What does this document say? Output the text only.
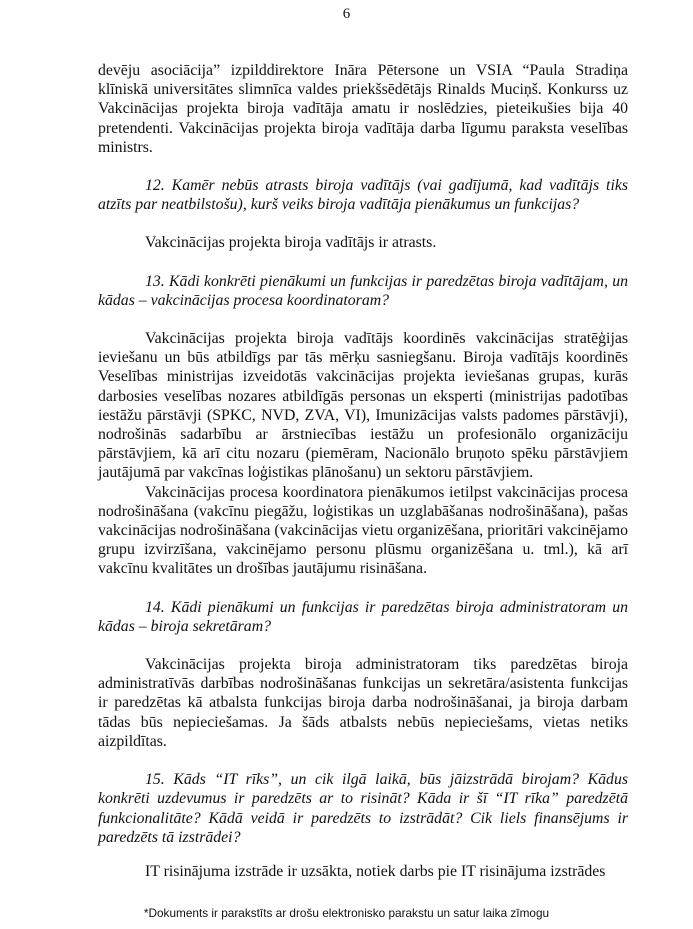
6

devēju asociācija” izpilddirektore Ināra Pētersone un VSIA “Paula Stradiņa klīniskā universitātes slimnīca valdes priekšsēdētājs Rinalds Muciņš. Konkurss uz Vakcinācijas projekta biroja vadītāja amatu ir noslēdzies, pieteikušies bija 40 pretendenti. Vakcinācijas projekta biroja vadītāja darba līgumu paraksta veselības ministrs.

12. Kamēr nebūs atrasts biroja vadītājs (vai gadījumā, kad vadītājs tiks atzīts par neatbilstošu), kurš veiks biroja vadītāja pienākumus un funkcijas?

Vakcinācijas projekta biroja vadītājs ir atrasts.

13. Kādi konkrēti pienākumi un funkcijas ir paredzētas biroja vadītājam, un kādas – vakcinācijas procesa koordinatoram?

Vakcinācijas projekta biroja vadītājs koordinēs vakcinācijas stratēģijas ieviešanu un būs atbildīgs par tās mērķu sasniegšanu. Biroja vadītājs koordinēs Veselības ministrijas izveidotās vakcinācijas projekta ieviešanas grupas, kurās darbosies veselības nozares atbildīgās personas un eksperti (ministrijas padotības iestāžu pārstāvji (SPKC, NVD, ZVA, VI), Imunizācijas valsts padomes pārstāvji), nodrošinās sadarbību ar ārstniecības iestāžu un profesionālo organizāciju pārstāvjiem, kā arī citu nozaru (piemēram, Nacionālo bruņoto spēku pārstāvjiem jautājumā par vakcīnas loģistikas plānošanu) un sektoru pārstāvjiem.

Vakcinācijas procesa koordinatora pienākumos ietilpst vakcinācijas procesa nodrošināšana (vakcīnu piegāžu, loģistikas un uzglabāšanas nodrošināšana), pašas vakcinācijas nodrošināšana (vakcinācijas vietu organizēšana, prioritāri vakcinējamo grupu izvirzīšana, vakcinējamo personu plūsmu organizēšana u. tml.), kā arī vakcīnu kvalitātes un drošības jautājumu risināšana.

14. Kādi pienākumi un funkcijas ir paredzētas biroja administratoram un kādas – biroja sekretāram?

Vakcinācijas projekta biroja administratoram tiks paredzētas biroja administratīvās darbības nodrošināšanas funkcijas un sekretāra/asistenta funkcijas ir paredzētas kā atbalsta funkcijas biroja darba nodrošināšanai, ja biroja darbam tādas būs nepieciešamas. Ja šāds atbalsts nebūs nepieciešams, vietas netiks aizpildītas.

15. Kāds “IT rīks”, un cik ilgā laikā, būs jāizstrādā birojam? Kādus konkrēti uzdevumus ir paredzēts ar to risināt? Kāda ir šī “IT rīka” paredzētā funkcionalitāte? Kādā veidā ir paredzēts to izstrādāt? Cik liels finansējums ir paredzēts tā izstrādei?

IT risinājuma izstrāde ir uzsākta, notiek darbs pie IT risinājuma izstrādes

*Dokuments ir parakstīts ar drošu elektronisko parakstu un satur laika zīmogu
